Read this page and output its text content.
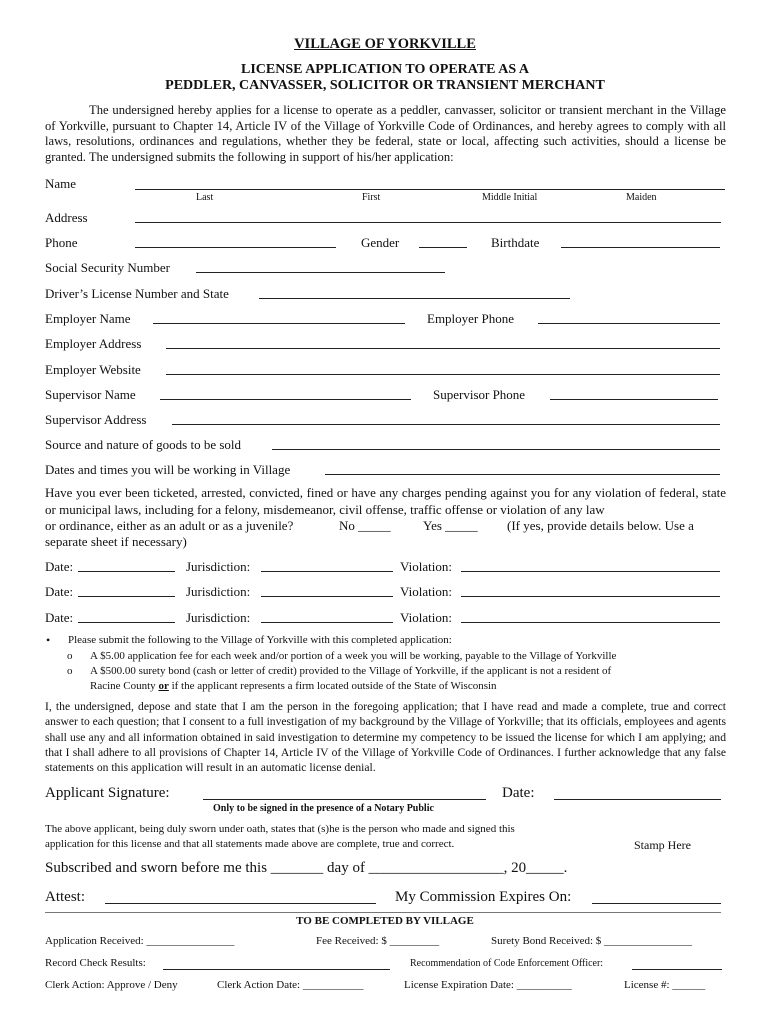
VILLAGE OF YORKVILLE
LICENSE APPLICATION TO OPERATE AS A
PEDDLER, CANVASSER, SOLICITOR OR TRANSIENT MERCHANT
The undersigned hereby applies for a license to operate as a peddler, canvasser, solicitor or transient merchant in the Village of Yorkville, pursuant to Chapter 14, Article IV of the Village of Yorkville Code of Ordinances, and hereby agrees to comply with all laws, resolutions, ordinances and regulations, whether they be federal, state or local, affecting such activities, should a license be granted. The undersigned submits the following in support of his/her application:
Name
Last	First	Middle Initial	Maiden
Address
Phone	Gender	Birthdate
Social Security Number
Driver’s License Number and State
Employer Name	Employer Phone
Employer Address
Employer Website
Supervisor Name	Supervisor Phone
Supervisor Address
Source and nature of goods to be sold
Dates and times you will be working in Village
Have you ever been ticketed, arrested, convicted, fined or have any charges pending against you for any violation of federal, state or municipal laws, including for a felony, misdemeanor, civil offense, traffic offense or violation of any law
or ordinance, either as an adult or as a juvenile?	No _____ Yes _____ (If yes, provide details below. Use a
separate sheet if necessary)
Date:	Jurisdiction:	Violation:
Date:	Jurisdiction:	Violation:
Date:	Jurisdiction:	Violation:
• Please submit the following to the Village of Yorkville with this completed application:
o A $5.00 application fee for each week and/or portion of a week you will be working, payable to the Village of Yorkville
o A $500.00 surety bond (cash or letter of credit) provided to the Village of Yorkville, if the applicant is not a resident of
Racine County or if the applicant represents a firm located outside of the State of Wisconsin
I, the undersigned, depose and state that I am the person in the foregoing application; that I have read and made a complete, true and correct answer to each question; that I consent to a full investigation of my background by the Village of Yorkville; that its officials, employees and agents shall use any and all information obtained in said investigation to determine my competency to be issued the license for which I am applying; and that I shall adhere to all provisions of Chapter 14, Article IV of the Village of Yorkville Code of Ordinances. I further acknowledge that any false statements on this application will result in an automatic license denial.
Applicant Signature:	Date:
Only to be signed in the presence of a Notary Public
The above applicant, being duly sworn under oath, states that (s)he is the person who made and signed this
application for this license and that all statements made above are complete, true and correct.	Stamp Here
Subscribed and sworn before me this _______ day of __________________, 20_____.
Attest:	My Commission Expires On:
TO BE COMPLETED BY VILLAGE
Application Received: ________________	Fee Received: $ _________	Surety Bond Received: $ ________________
Record Check Results:	Recommendation of Code Enforcement Officer:
Clerk Action: Approve / Deny	Clerk Action Date: ___________	License Expiration Date: __________	License #: ______
